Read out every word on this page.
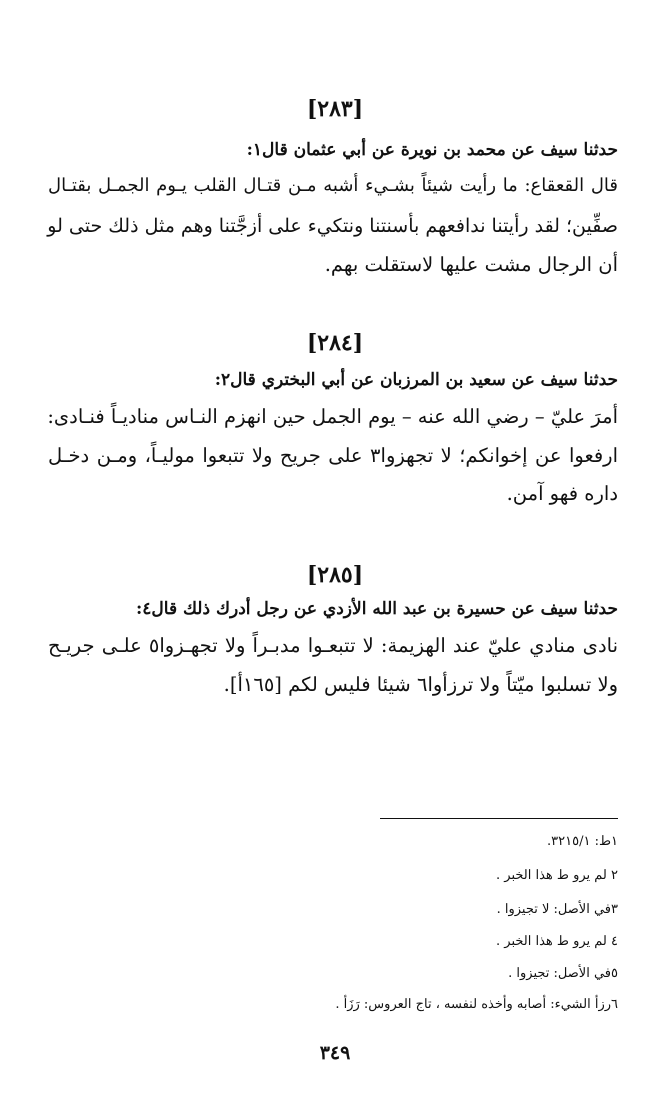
[٢٨٣]
حدثنا سيف عن محمد بن نويرة عن أبي عثمان قال١:
قال القعقاع: ما رأيت شيئاً بشـيء أشبه مـن قتـال القلب يـوم الجمـل بقتـال
صفِّين؛ لقد رأيتنا ندافعهم بأسنتنا ونتكيء على أزجَّتنا وهم مثل ذلك حتى لو
أن الرجال مشت عليها لاستقلت بهم.
[٢٨٤]
حدثنا سيف عن سعيد بن المرزبان عن أبي البختري قال٢:
أمرَ عليّ – رضي الله عنه – يوم الجمل حين انهزم النـاس مناديـاً فنـادى:
ارفعوا عن إخوانكم؛ لا تجهزوا٣ على جريح ولا تتبعوا موليـاً، ومـن دخـل
داره فهو آمن.
[٢٨٥]
حدثنا سيف عن حسيرة بن عبد الله الأزدي عن رجل أدرك ذلك قال٤:
نادى منادي عليّ عند الهزيمة: لا تتبعـوا مدبـراً ولا تجهـزوا٥ علـى جريـح
ولا تسلبوا ميّتاً ولا ترزأوا٦ شيئا فليس لكم [١٦٥أ].
١ط: ٣٢١٥/١.
٢ لم يرو ط هذا الخبر .
٣في الأصل: لا تجيزوا .
٤ لم يرو ط هذا الخبر .
٥في الأصل: تجيزوا .
٦رزأ الشيء: أصابه وأخذه لنفسه ، تاج العروس: رَزَأ .
٣٤٩
